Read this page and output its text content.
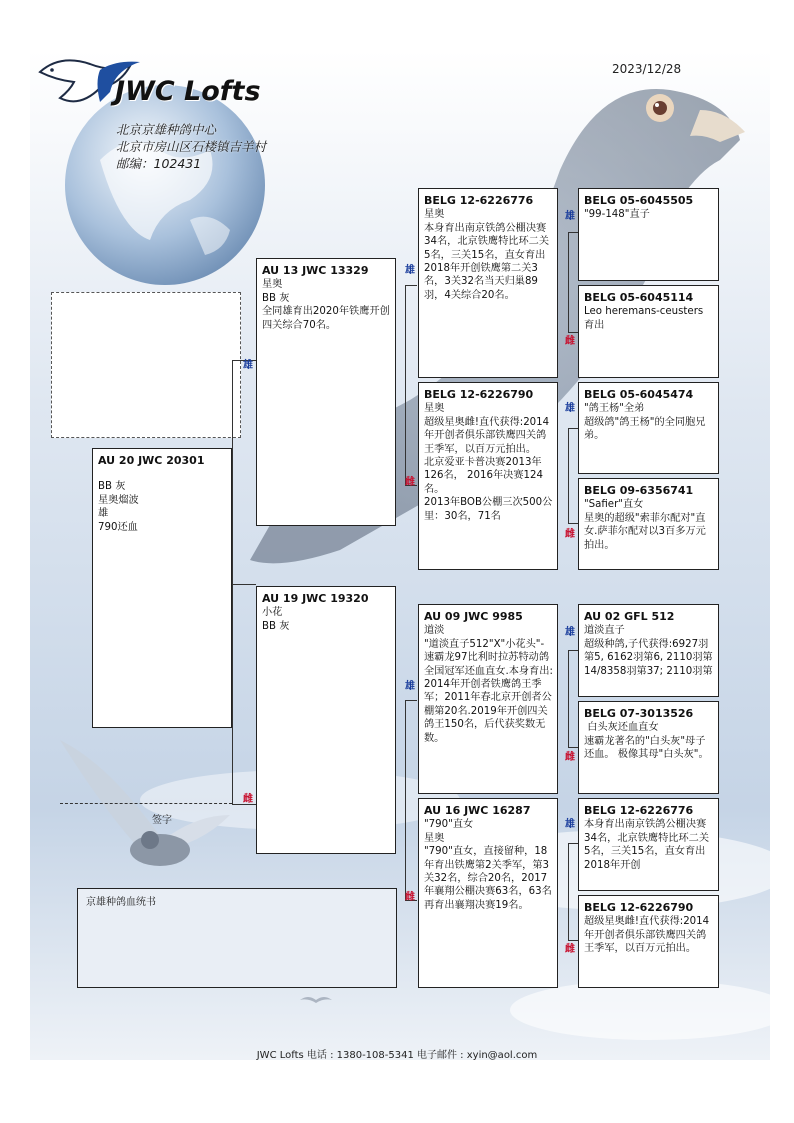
2023/12/28
JWC Lofts
北京京雄种鸽中心
北京市房山区石楼镇吉羊村
邮编：102431
雄
雌
雄
雌
雄
雌
雄
雌
雄
雌
雄
雌
雄
雌
AU 20 JWC 20301
BB 灰
星奥熘波
雄
790还血
AU 13 JWC 13329
星奥
BB 灰
全同雄育出2020年铁鹰开创四关综合70名。
AU 19 JWC 19320
小花
BB 灰
BELG 12-6226776
星奥
本身育出南京铁鸽公棚决赛34名，北京铁鹰特比环二关5名，三关15名，直女育出2018年开创铁鹰第二关3名，3关32名当天归巢89羽，4关综合20名。
BELG 12-6226790
星奥
超级星奥雌!直代获得:2014年开创者俱乐部铁鹰四关鸽王季军，以百万元拍出。
北京爱亚卡普决赛2013年126名， 2016年决赛124名。
2013年BOB公棚三次500公里：30名，71名
AU 09 JWC 9985
道淡
"道淡直子512"X"小花头"-速霸龙97比利时拉苏特动鸽全国冠军还血直女.本身育出:
2014年开创者铁鹰鸽王季军；2011年春北京开创者公棚第20名.2019年开创四关鸽王150名，后代获奖数无数。
AU 16 JWC 16287
"790"直女
星奥
"790"直女，直接留种，18年育出铁鹰第2关季军，第3关32名，综合20名，2017年襄翔公棚决赛63名，63名再育出襄翔决赛19名。
BELG 05-6045505
"99-148"直子
BELG 05-6045114
Leo heremans-ceusters 育出
BELG 05-6045474
"鸽王杨"全弟
超级鸽"鸽王杨"的全同胞兄弟。
BELG 09-6356741
"Safier"直女
星奥的超级"索菲尔配对"直女.萨菲尔配对以3百多万元拍出。
AU 02 GFL 512
道淡直子
超级种鸽,子代获得:6927羽第5, 6162羽第6, 2110羽第14/8358羽第37; 2110羽第
BELG 07-3013526
白头灰还血直女
速霸龙著名的"白头灰"母子还血。 极像其母"白头灰"。
BELG 12-6226776
本身育出南京铁鸽公棚决赛34名，北京铁鹰特比环二关5名，三关15名，直女育出2018年开创
BELG 12-6226790
超级星奥雌!直代获得:2014年开创者俱乐部铁鹰四关鸽王季军，以百万元拍出。
签字
京雄种鸽血统书
JWC Lofts 电话 : 1380-108-5341 电子邮件 : xyin@aol.com
